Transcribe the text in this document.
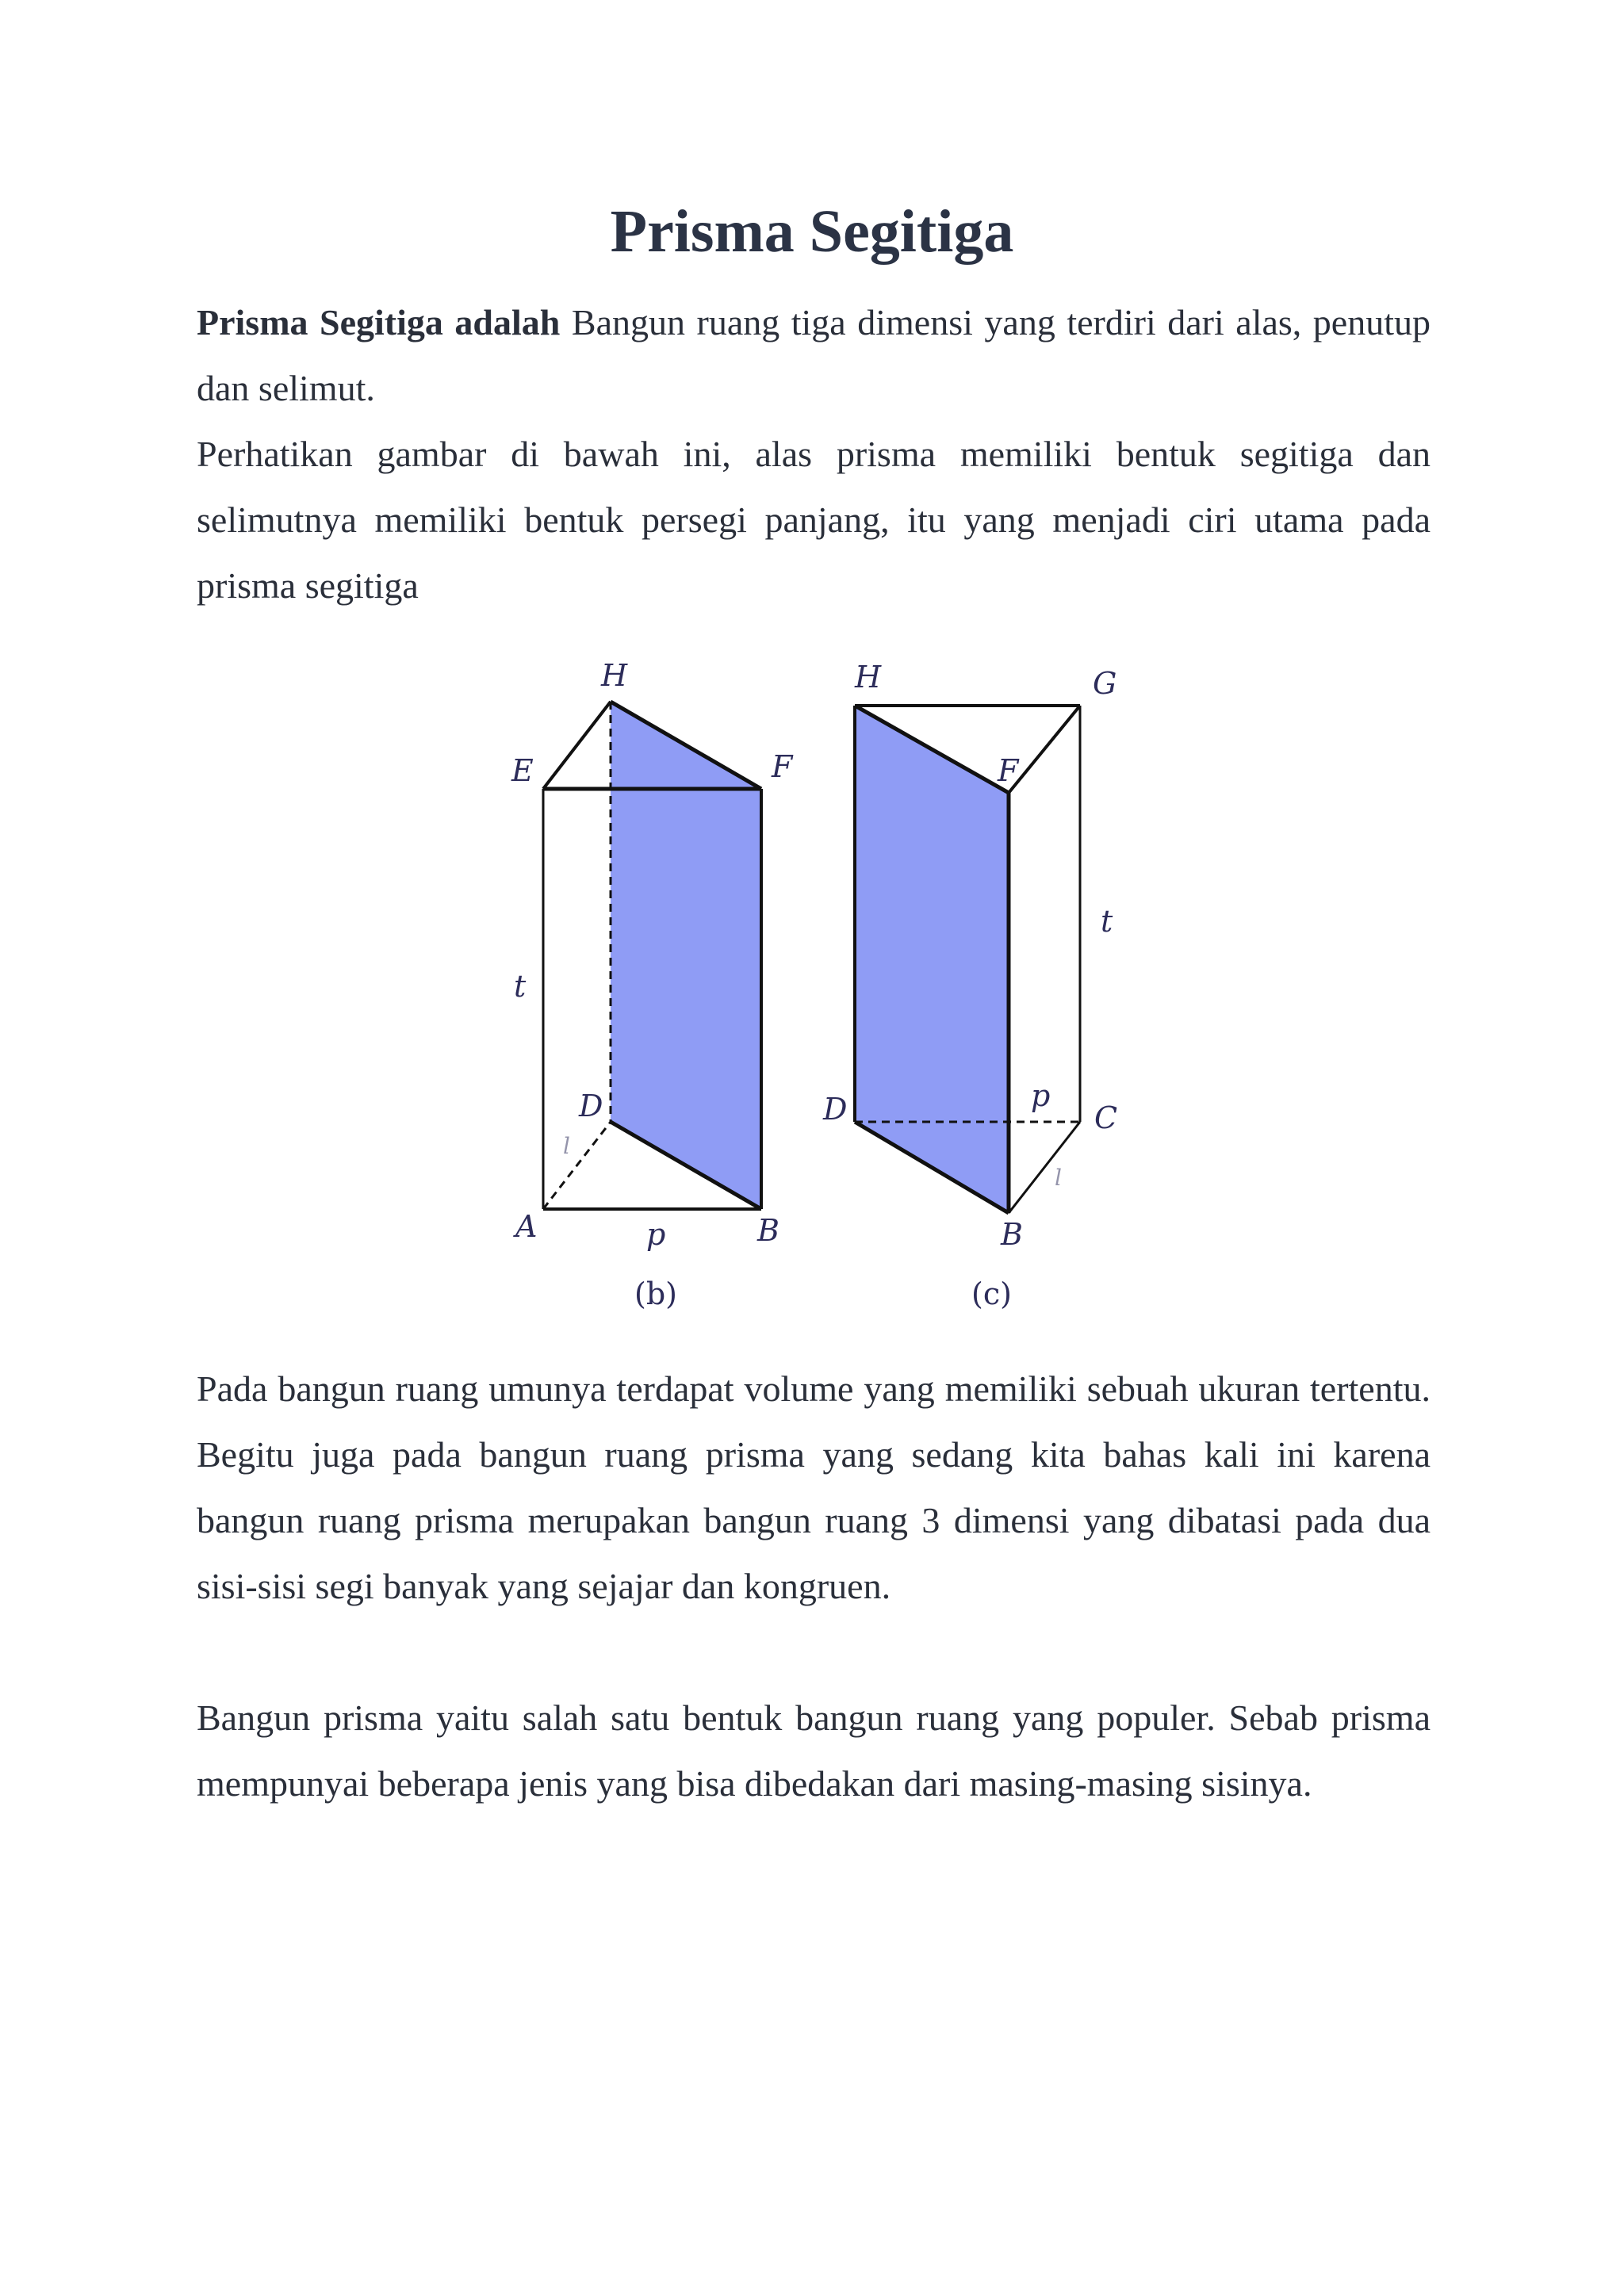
Prisma Segitiga

Prisma Segitiga adalah Bangun ruang tiga dimensi yang terdiri dari alas, penutup dan selimut.

Perhatikan gambar di bawah ini, alas prisma memiliki bentuk segitiga dan selimutnya memiliki bentuk persegi panjang, itu yang menjadi ciri utama pada prisma segitiga

H
E	F
t
D
l
A	p	B
(b)
H	G
F
t
D	p
C
l
B
(c)

Pada bangun ruang umunya terdapat volume yang memiliki sebuah ukuran tertentu. Begitu juga pada bangun ruang prisma yang sedang kita bahas kali ini karena bangun ruang prisma merupakan bangun ruang 3 dimensi yang dibatasi pada dua sisi-sisi segi banyak yang sejajar dan kongruen.

Bangun prisma yaitu salah satu bentuk bangun ruang yang populer. Sebab prisma mempunyai beberapa jenis yang bisa dibedakan dari masing-masing sisinya.
